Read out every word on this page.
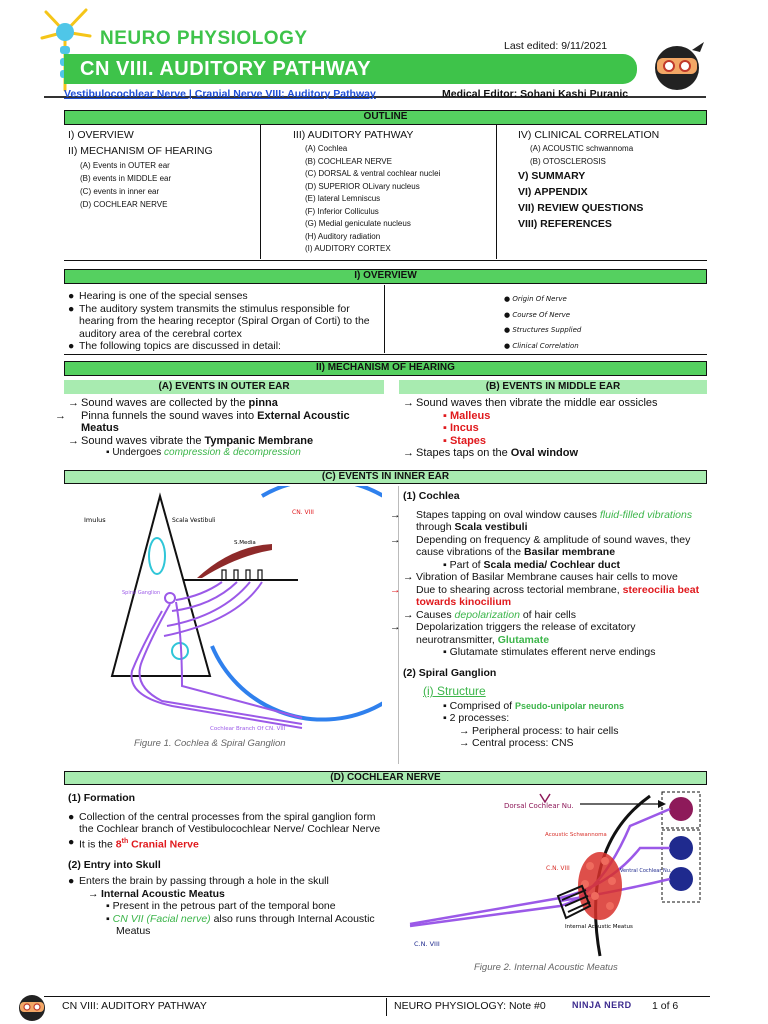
NEURO PHYSIOLOGY
CN VIII. AUDITORY PATHWAY
Last edited: 9/11/2021
Vestibulocochlear Nerve | Cranial Nerve VIII: Auditory Pathway	Medical Editor: Sohani Kashi Puranic
OUTLINE
I) OVERVIEW
II) MECHANISM OF HEARING
(A) Events in OUTER ear
(B) events in MIDDLE ear
(C) events in inner ear
(D) COCHLEAR NERVE
III) AUDITORY PATHWAY
(A) Cochlea
(B) COCHLEAR NERVE
(C) DORSAL & ventral cochlear nuclei
(D) SUPERIOR OLivary nucleus
(E) lateral Lemniscus
(F) Inferior Colliculus
(G) Medial geniculate nucleus
(H) Auditory radiation
(I) AUDITORY CORTEX
IV) CLINICAL CORRELATION
(A) ACOUSTIC schwannoma
(B) OTOSCLEROSIS
V) SUMMARY
VI) APPENDIX
VII) REVIEW QUESTIONS
VIII) REFERENCES
I) OVERVIEW
● Hearing is one of the special senses
● The auditory system transmits the stimulus responsible for hearing from the hearing receptor (Spiral Organ of Corti) to the auditory area of the cerebral cortex
● The following topics are discussed in detail:
● Origin Of Nerve
● Course Of Nerve
● Structures Supplied
● Clinical Correlation
II) MECHANISM OF HEARING
(A) EVENTS IN OUTER EAR	(B) EVENTS IN MIDDLE EAR
→ Sound waves are collected by the pinna
→ Pinna funnels the sound waves into External Acoustic Meatus
→ Sound waves vibrate the Tympanic Membrane
▪ Undergoes compression & decompression
→ Sound waves then vibrate the middle ear ossicles
▪ Malleus
▪ Incus
▪ Stapes
→ Stapes taps on the Oval window
(C) EVENTS IN INNER EAR
Imulus	Scala Vestibuli
CN. VIII
S.Media
Spiral Ganglion
Cochlear Branch Of CN. VIII
Figure 1. Cochlea & Spiral Ganglion
(1) Cochlea
→ Stapes tapping on oval window causes fluid-filled vibrations through Scala vestibuli
→ Depending on frequency & amplitude of sound waves, they cause vibrations of the Basilar membrane
▪ Part of Scala media/ Cochlear duct
→ Vibration of Basilar Membrane causes hair cells to move
→ Due to shearing across tectorial membrane, stereocilia beat towards kinocilium
→ Causes depolarization of hair cells
→ Depolarization triggers the release of excitatory neurotransmitter, Glutamate
▪ Glutamate stimulates efferent nerve endings
(2) Spiral Ganglion
(i) Structure
▪ Comprised of Pseudo-unipolar neurons
▪ 2 processes:
→ Peripheral process: to hair cells
→ Central process: CNS
(D) COCHLEAR NERVE
(1) Formation
● Collection of the central processes from the spiral ganglion form the Cochlear branch of Vestibulocochlear Nerve/ Cochlear Nerve
● It is the 8th Cranial Nerve
(2) Entry into Skull
● Enters the brain by passing through a hole in the skull
→ Internal Acoustic Meatus
▪ Present in the petrous part of the temporal bone
▪ CN VII (Facial nerve) also runs through Internal Acoustic Meatus
Dorsal Cochlear Nu.
Acoustic Schwannoma
C.N. VIII	Ventral Cochlear Nu.
Internal Acoustic Meatus
C.N. VIII
Figure 2. Internal Acoustic Meatus
CN VIII: AUDITORY PATHWAY	NEURO PHYSIOLOGY: Note #0	NINJA NERD 1 of 6
